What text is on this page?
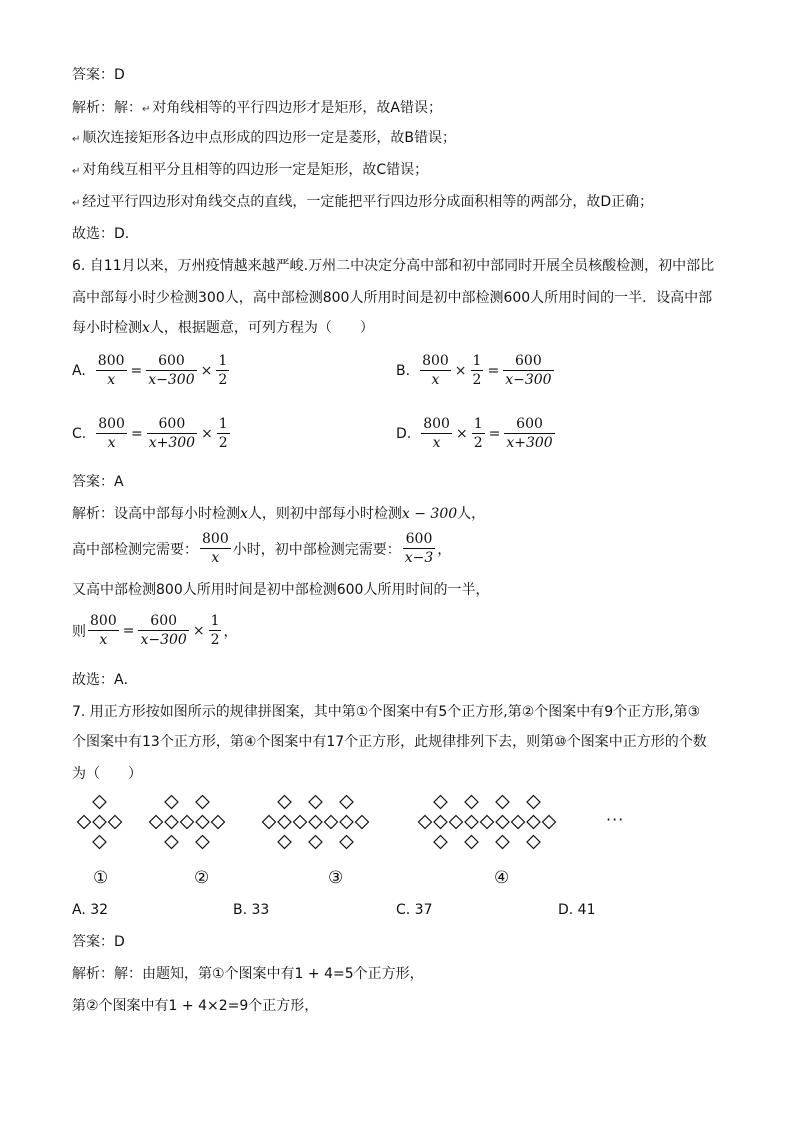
答案：D
解析：解：↵ 对角线相等的平行四边形才是矩形，故A错误；
↵ 顺次连接矩形各边中点形成的四边形一定是菱形，故B错误；
↵ 对角线互相平分且相等的四边形一定是矩形，故C错误；
↵ 经过平行四边形对角线交点的直线，一定能把平行四边形分成面积相等的两部分，故D正确；
故选：D．
6. 自11月以来，万州疫情越来越严峻.万州二中决定分高中部和初中部同时开展全员核酸检测，初中部比
高中部每小时少检测300人，高中部检测800人所用时间是初中部检测600人所用时间的一半．设高中部
每小时检测x人，根据题意，可列方程为（　　）
A. $\frac{800}{x} = \frac{600}{x-300} \times \frac{1}{2}$	B. $\frac{800}{x} \times \frac{1}{2} = \frac{600}{x-300}$
C. $\frac{800}{x} = \frac{600}{x+300} \times \frac{1}{2}$	D. $\frac{800}{x} \times \frac{1}{2} = \frac{600}{x+300}$
答案：A
解析：设高中部每小时检测x人，则初中部每小时检测x − 300人，
高中部检测完需要： $\frac{800}{x}$ 小时，初中部检测完需要： $\frac{600}{x-3}$ ，
又高中部检测800人所用时间是初中部检测600人所用时间的一半，
则 $\frac{800}{x} = \frac{600}{x-300} \times \frac{1}{2}$ ，
故选：A．
7. 用正方形按如图所示的规律拼图案，其中第①个图案中有5个正方形,第②个图案中有9个正方形,第③
个图案中有13个正方形，第④个图案中有17个正方形，此规律排列下去，则第⑩个图案中正方形的个数
为（　　）
···
①	②	③	④
A. 32	B. 33	C. 37	D. 41
答案：D
解析：解：由题知，第①个图案中有1 + 4=5个正方形，
第②个图案中有1 + 4×2=9个正方形，
